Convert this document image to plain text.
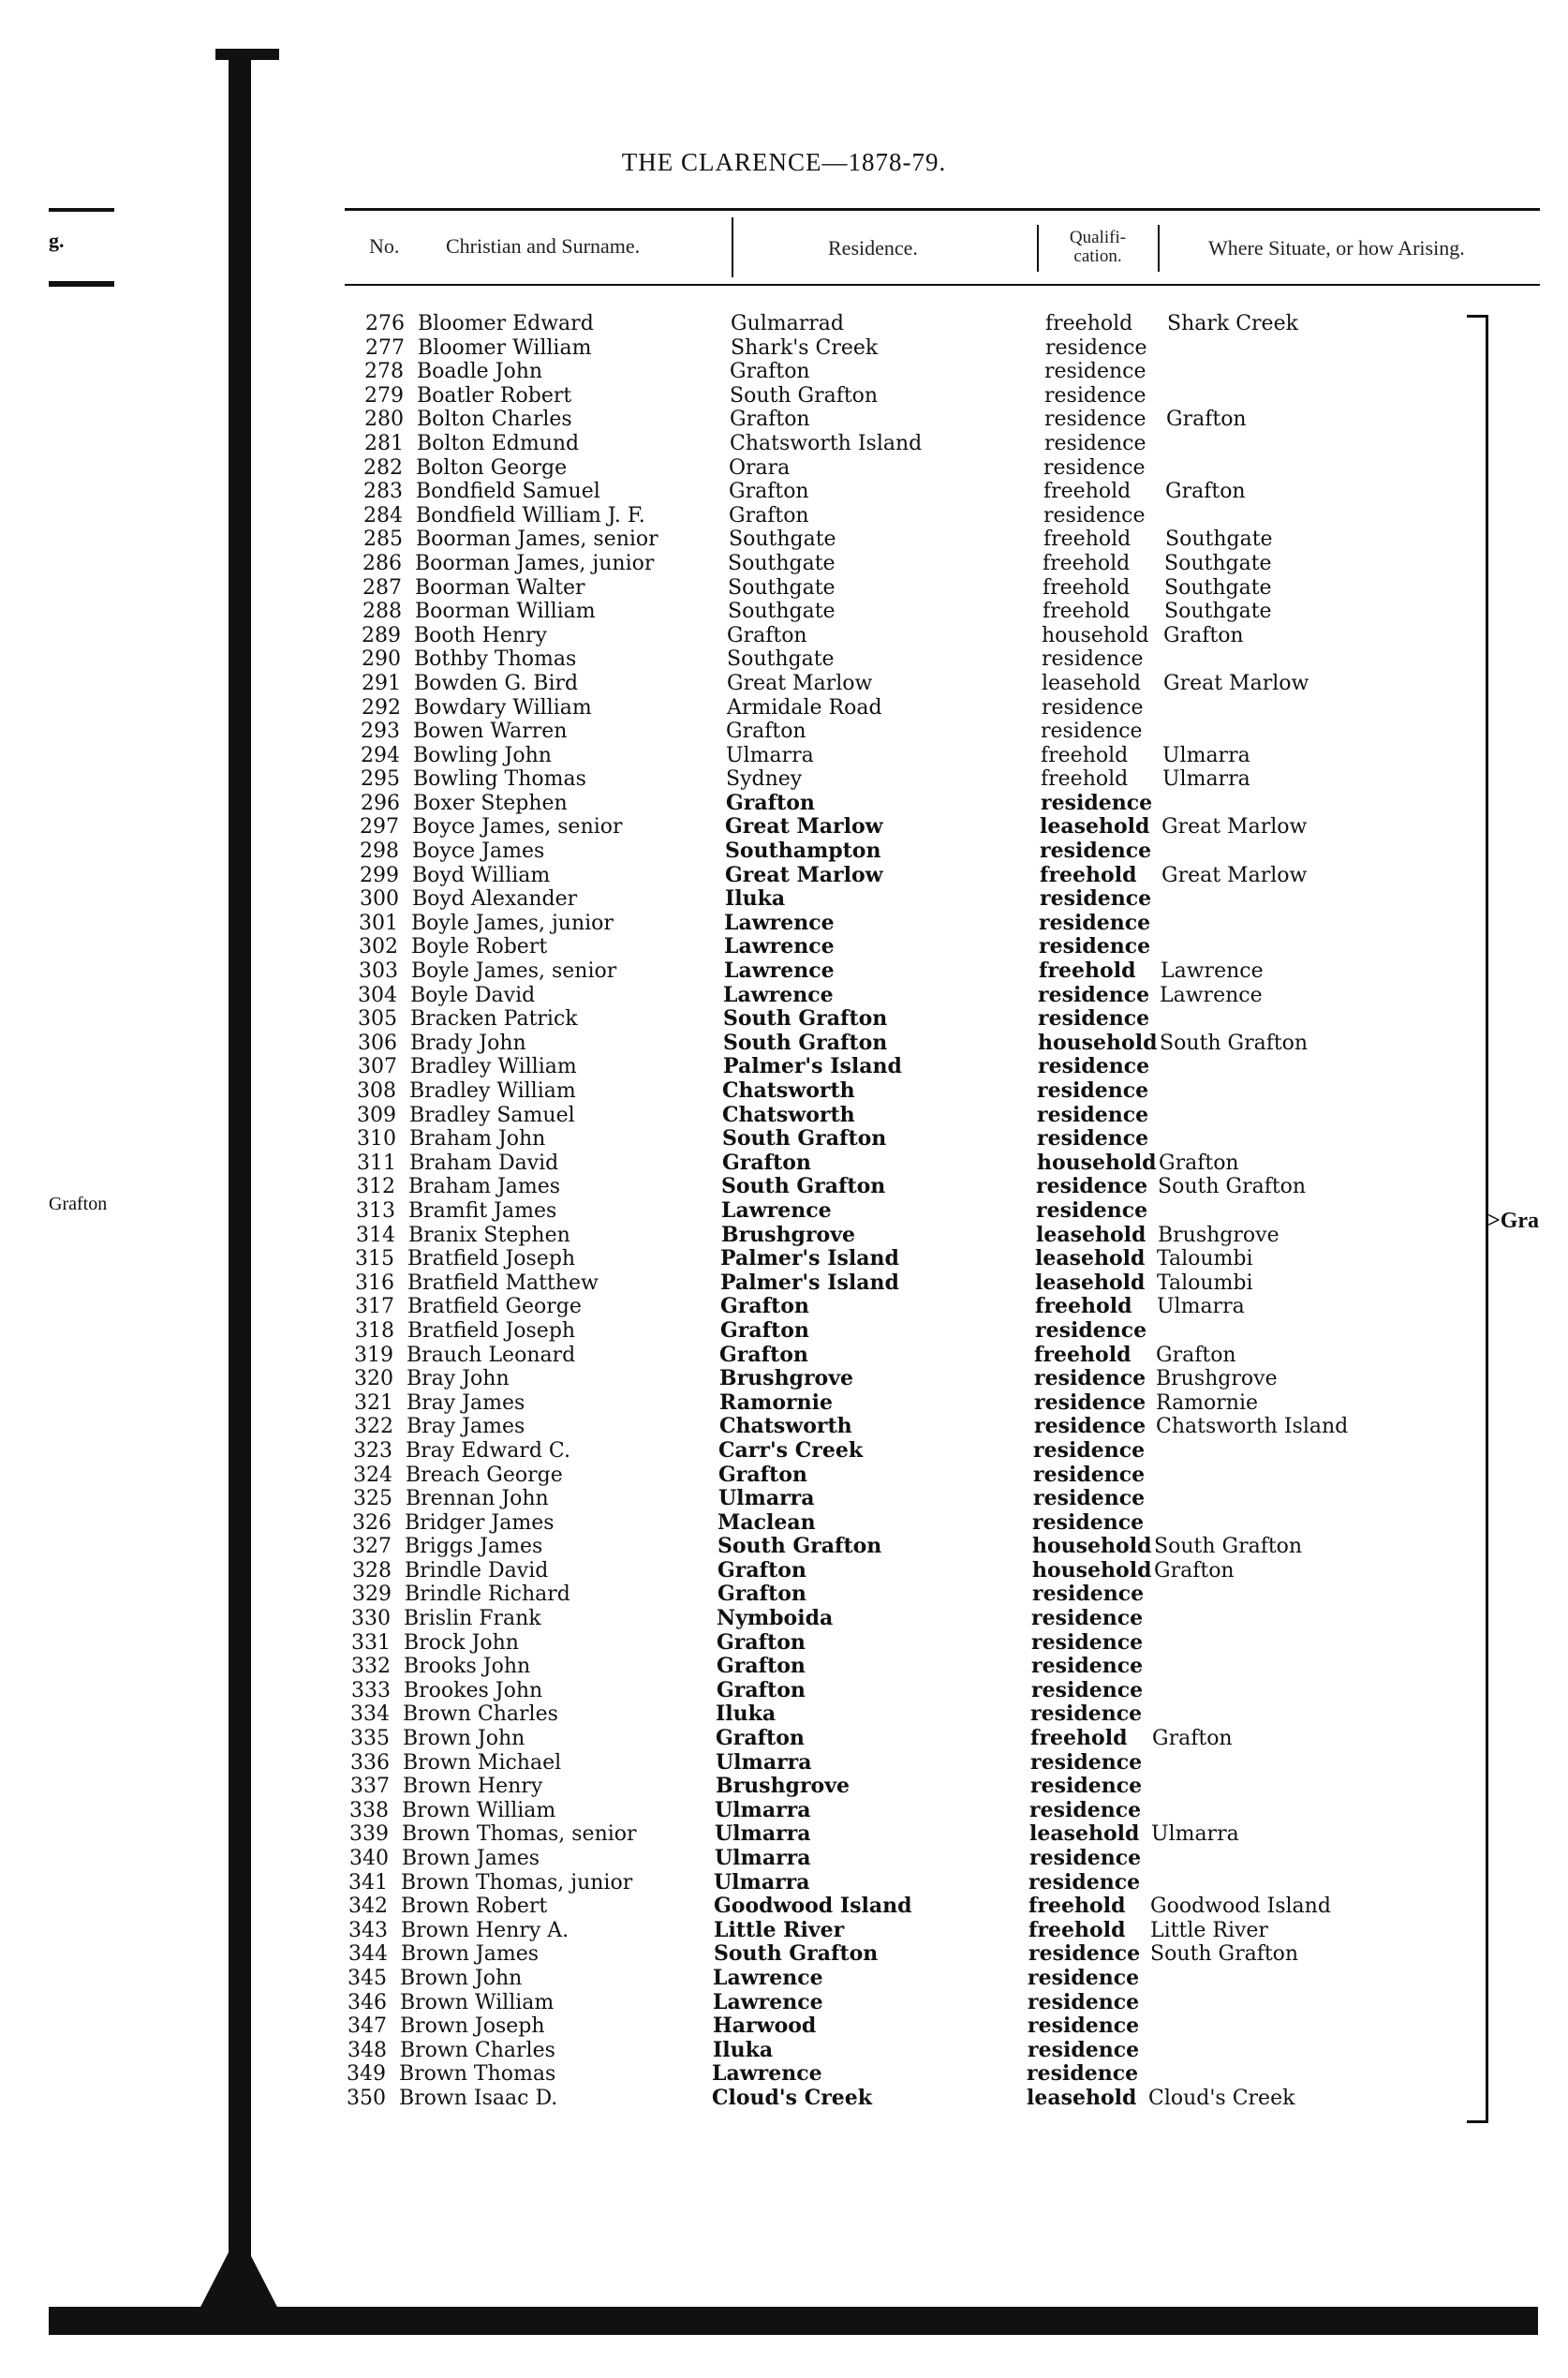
g.
Grafton
THE CLARENCE—1878-79.
No. Christian and Surname.	Residence.	Qualifi-
cation.	Where Situate, or how Arising.
276 Bloomer Edward	Gulmarrad	freehold Shark Creek
277 Bloomer William	Shark's Creek	residence
278 Boadle John	Grafton	residence
279 Boatler Robert	South Grafton	residence
280 Bolton Charles	Grafton	residence Grafton
281 Bolton Edmund	Chatsworth Island	residence
282 Bolton George	Orara	residence
283 Bondfield Samuel	Grafton	freehold Grafton
284 Bondfield William J. F.	Grafton	residence
285 Boorman James, senior	Southgate	freehold Southgate
286 Boorman James, junior	Southgate	freehold Southgate
287 Boorman Walter	Southgate	freehold Southgate
288 Boorman William	Southgate	freehold Southgate
289 Booth Henry	Grafton	household Grafton
290 Bothby Thomas	Southgate	residence
291 Bowden G. Bird	Great Marlow	leasehold Great Marlow
292 Bowdary William	Armidale Road	residence
293 Bowen Warren	Grafton	residence
294 Bowling John	Ulmarra	freehold Ulmarra
295 Bowling Thomas	Sydney	freehold Ulmarra
296 Boxer Stephen	Grafton	residence
297 Boyce James, senior	Great Marlow	leasehold Great Marlow
298 Boyce James	Southampton	residence
299 Boyd William	Great Marlow	freehold Great Marlow
300 Boyd Alexander	Iluka	residence
301 Boyle James, junior	Lawrence	residence
302 Boyle Robert	Lawrence	residence
303 Boyle James, senior	Lawrence	freehold Lawrence
304 Boyle David	Lawrence	residence Lawrence
305 Bracken Patrick	South Grafton	residence
306 Brady John	South Grafton	household South Grafton
307 Bradley William	Palmer's Island	residence
308 Bradley William	Chatsworth	residence
309 Bradley Samuel	Chatsworth	residence
310 Braham John	South Grafton	residence
311 Braham David	Grafton	household Grafton
312 Braham James	South Grafton	residence South Grafton
313 Bramfit James	Lawrence	residence
314 Branix Stephen	Brushgrove	leasehold Brushgrove
315 Bratfield Joseph	Palmer's Island	leasehold Taloumbi
316 Bratfield Matthew	Palmer's Island	leasehold Taloumbi
317 Bratfield George	Grafton	freehold Ulmarra
318 Bratfield Joseph	Grafton	residence
319 Brauch Leonard	Grafton	freehold Grafton
320 Bray John	Brushgrove	residence Brushgrove
321 Bray James	Ramornie	residence Ramornie
322 Bray James	Chatsworth	residence Chatsworth Island
323 Bray Edward C.	Carr's Creek	residence
324 Breach George	Grafton	residence
325 Brennan John	Ulmarra	residence
326 Bridger James	Maclean	residence
327 Briggs James	South Grafton	household South Grafton
328 Brindle David	Grafton	household Grafton
329 Brindle Richard	Grafton	residence
330 Brislin Frank	Nymboida	residence
331 Brock John	Grafton	residence
332 Brooks John	Grafton	residence
333 Brookes John	Grafton	residence
334 Brown Charles	Iluka	residence
335 Brown John	Grafton	freehold Grafton
336 Brown Michael	Ulmarra	residence
337 Brown Henry	Brushgrove	residence
338 Brown William	Ulmarra	residence
339 Brown Thomas, senior	Ulmarra	leasehold Ulmarra
340 Brown James	Ulmarra	residence
341 Brown Thomas, junior	Ulmarra	residence
342 Brown Robert	Goodwood Island	freehold Goodwood Island
343 Brown Henry A.	Little River	freehold Little River
344 Brown James	South Grafton	residence South Grafton
345 Brown John	Lawrence	residence
346 Brown William	Lawrence	residence
347 Brown Joseph	Harwood	residence
348 Brown Charles	Iluka	residence
349 Brown Thomas	Lawrence	residence
350 Brown Isaac D.	Cloud's Creek	leasehold Cloud's Creek
>Gra
